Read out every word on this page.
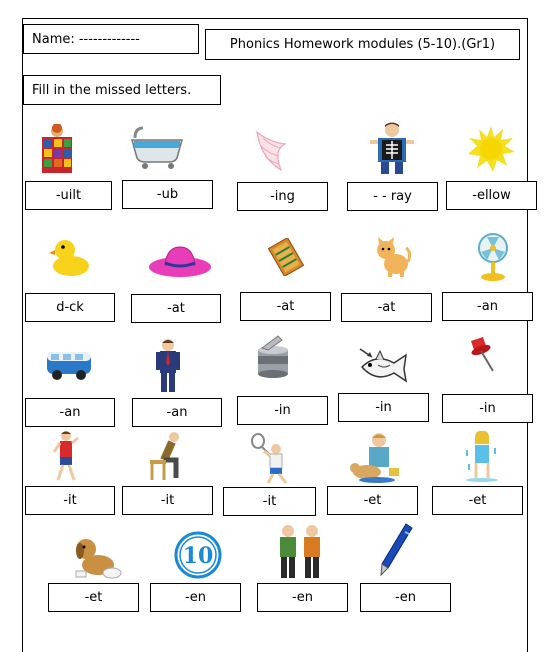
Name: -------------	Phonics Homework modules (5-10).(Gr1)
Fill in the missed letters.
-uilt	-ub	-ing	- - ray	-ellow
d-ck	-at	-at	-at	-an
-an	-an	-in	-in	-in
-it	-it	-it	-et	-et
-et
10
-en	-en	-en
